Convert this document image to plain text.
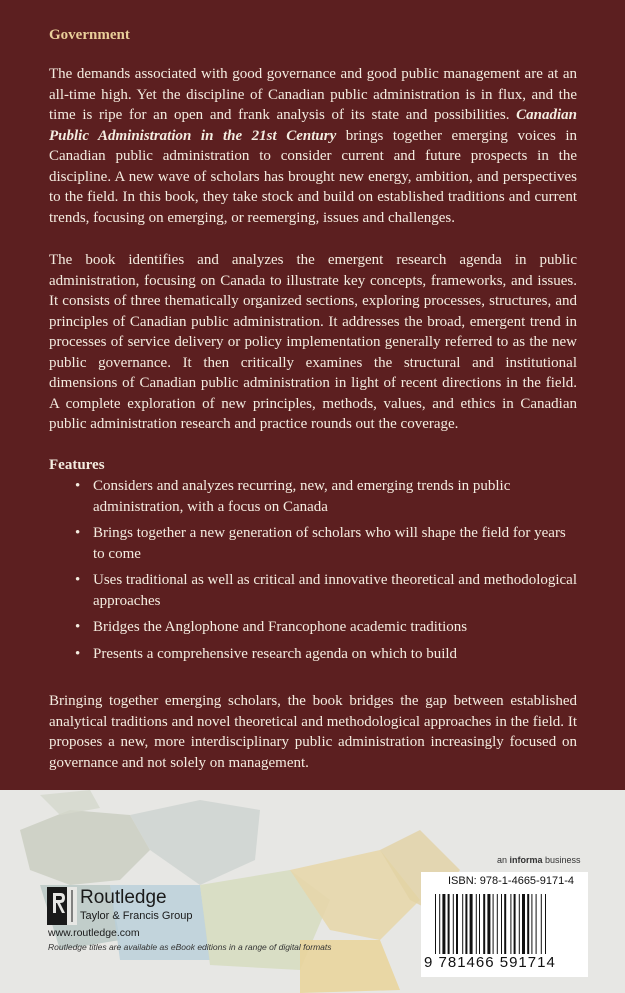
Government

The demands associated with good governance and good public management are at an all-time high. Yet the discipline of Canadian public administration is in flux, and the time is ripe for an open and frank analysis of its state and possibilities. Canadian Public Administration in the 21st Century brings together emerging voices in Canadian public administration to consider current and future prospects in the discipline. A new wave of scholars has brought new energy, ambition, and perspectives to the field. In this book, they take stock and build on established traditions and current trends, focusing on emerging, or reemerging, issues and challenges.

The book identifies and analyzes the emergent research agenda in public administration, focusing on Canada to illustrate key concepts, frameworks, and issues. It consists of three thematically organized sections, exploring processes, structures, and principles of Canadian public administration. It addresses the broad, emergent trend in processes of service delivery or policy implementation generally referred to as the new public governance. It then critically examines the structural and institutional dimensions of Canadian public administration in light of recent directions in the field. A complete exploration of new principles, methods, values, and ethics in Canadian public administration research and practice rounds out the coverage.

Features
• Considers and analyzes recurring, new, and emerging trends in public administration, with a focus on Canada
• Brings together a new generation of scholars who will shape the field for years to come
• Uses traditional as well as critical and innovative theoretical and methodological approaches
• Bridges the Anglophone and Francophone academic traditions
• Presents a comprehensive research agenda on which to build

Bringing together emerging scholars, the book bridges the gap between established analytical traditions and novel theoretical and methodological approaches in the field. It proposes a new, more interdisciplinary public administration increasingly focused on governance and not solely on management.

Routledge
Taylor & Francis Group
www.routledge.com
Routledge titles are available as eBook editions in a range of digital formats
an informa business
ISBN: 978-1-4665-9171-4
9 781466 591714
